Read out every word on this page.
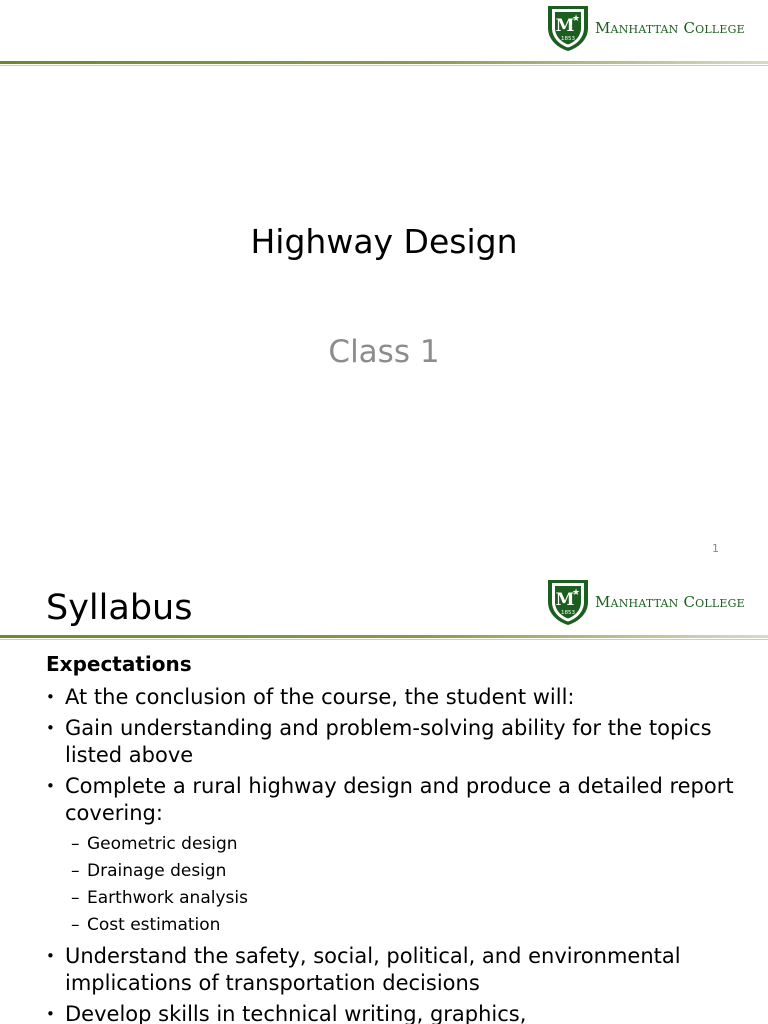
M
★
1853
Manhattan College
Highway Design
Class 1
1
M
★
1853
Manhattan College
Syllabus
Expectations
• At the conclusion of the course, the student will:
• Gain understanding and problem-solving ability for the topics listed above
• Complete a rural highway design and produce a detailed report covering:
– Geometric design
– Drainage design
– Earthwork analysis
– Cost estimation
• Understand the safety, social, political, and environmental implications of transportation decisions
• Develop skills in technical writing, graphics,
